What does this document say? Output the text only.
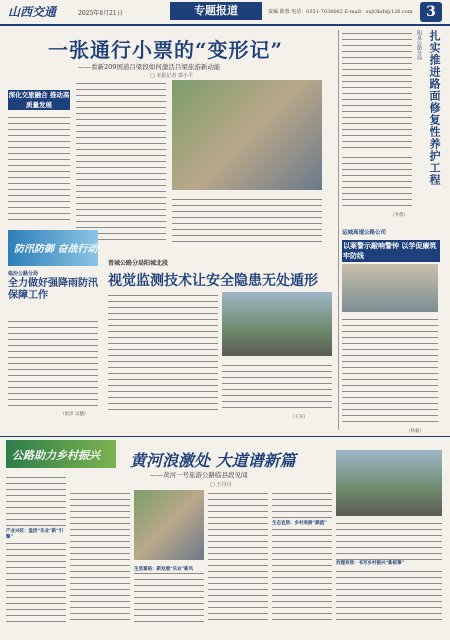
山西交通	2025年8月21日	专题报道	责编 陈蓉 电话：0351-7038062 E-mail：sxjt3bdl@126.com 3
一张通行小票的“变形记”
——看新209国道吕梁段如何激活吕梁旅游新动能
□ 本报记者 郭小平
深化交旅融合 推动高质量发展
防汛防御 奋战行动
临汾公路分局
全力做好强降雨防汛保障工作
（张淳 吴穗）
晋城公路分局阳城北段
视觉监测技术让安全隐患无处遁形
（王军）
阳泉公路分局 扎实推进路面修复性养护工程
（李倩）
运城高速公路公司
以案警示敲响警钟 以学促廉筑牢防线
（杨毅）
公路助力乡村振兴 黄河浪激处 大道谱新篇
——黄河一号旅游公路临县段见闻
□ 王丹丹
产业兴旺：盘活“乐业”新“引擎”
生活富裕：新发展“乐业”新风
生态宜居：乡村美丽“颜值”
治理有效：书写乡村振兴“新叙事”
